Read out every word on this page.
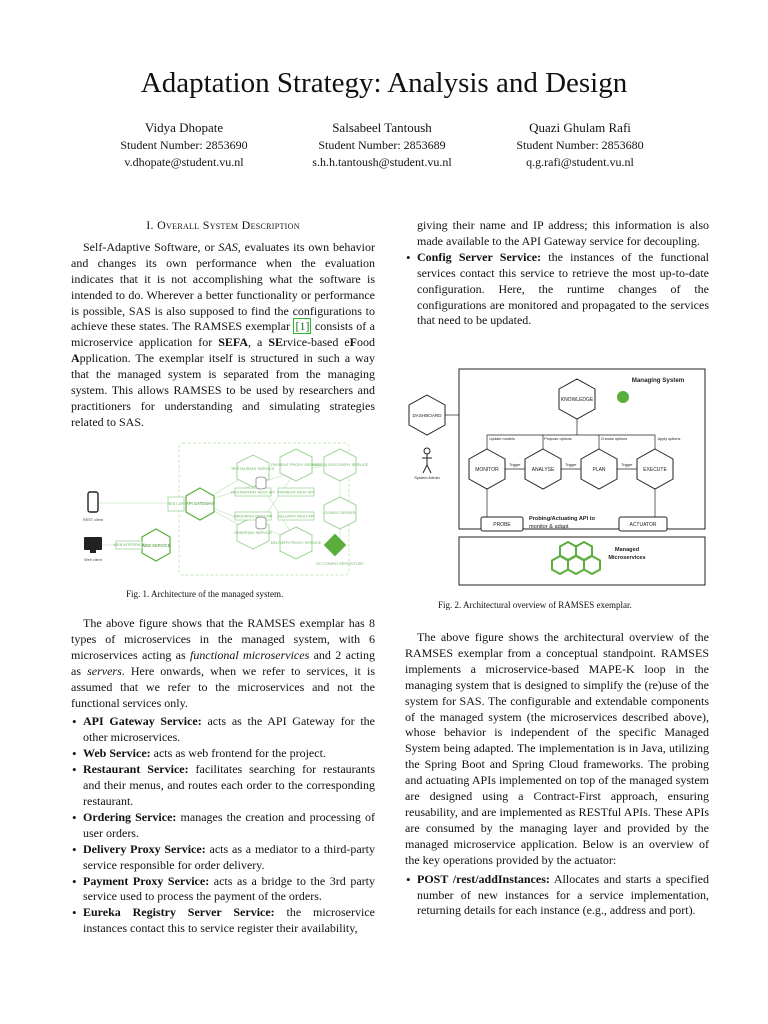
Adaptation Strategy: Analysis and Design
Vidya Dhopate
Student Number: 2853690
v.dhopate@student.vu.nl
Salsabeel Tantoush
Student Number: 2853689
s.h.h.tantoush@student.vu.nl
Quazi Ghulam Rafi
Student Number: 2853680
q.g.rafi@student.vu.nl
I. Overall System Description

Self-Adaptive Software, or SAS, evaluates its own behavior and changes its own performance when the evaluation indicates that it is not accomplishing what the software is intended to do. Wherever a better functionality or performance is possible, SAS is also supposed to find the configurations to achieve these states. The RAMSES exemplar [1] consists of a microservice application for SEFA, a SErvice-based eFood Application. The exemplar itself is structured in such a way that the managed system is separated from the managing system. This allows RAMSES to be used by researchers and practitioners for understanding and simulating strategies related to SAS.

RESTAURANT SERVICE
ORDERING SERVICE
PAYMENT PROXY SERVICE
DELIVERY PROXY SERVICE
EUREKA DISCOVERY SERVICE
CONFIG SERVER
RESTAURANT REST API
ORDERING REST API
PAYMENT REST API
DELIVERY REST API
REST API
WEB INTERFACE
GIT CONFIG REPOSITORY
API GATEWAY
WEB SERVICE
REST client
Web client
Fig. 1. Architecture of the managed system.

The above figure shows that the RAMSES exemplar has 8 types of microservices in the managed system, with 6 microservices acting as functional microservices and 2 acting as servers. Here onwards, when we refer to services, it is assumed that we refer to the microservices and not the functional services only.

• API Gateway Service: acts as the API Gateway for the other microservices.
• Web Service: acts as web frontend for the project.
• Restaurant Service: facilitates searching for restaurants and their menus, and routes each order to the corresponding restaurant.
• Ordering Service: manages the creation and processing of user orders.
• Delivery Proxy Service: acts as a mediator to a third-party service responsible for order delivery.
• Payment Proxy Service: acts as a bridge to the 3rd party service used to process the payment of the orders.
• Eureka Registry Server Service: the microservice instances contact this to service register their availability,
giving their name and IP address; this information is also made available to the API Gateway service for decoupling.
• Config Server Service: the instances of the functional services contact this service to retrieve the most up-to-date configuration. Here, the runtime changes of the configurations are monitored and propagated to the services that need to be updated.
Managing System
KNOWLEDGE
DASHBOARD
System Admin
MONITOR	ANALYSE	PLAN	EXECUTE
Update models	Propose options	Choose options	Apply options
Trigger	Trigger	Trigger
PROBE	ACTUATOR
Managed
Microservices
Probing/Actuating API to
monitor & adapt
Fig. 2. Architectural overview of RAMSES exemplar.

The above figure shows the architectural overview of the RAMSES exemplar from a conceptual standpoint. RAMSES implements a microservice-based MAPE-K loop in the managing system that is designed to simplify the (re)use of the system for SAS. The configurable and extendable components of the managed system (the microservices described above), whose behavior is independent of the specific Managed System being adapted. The implementation is in Java, utilizing the Spring Boot and Spring Cloud frameworks. The probing and actuating APIs implemented on top of the managed system are designed using a Contract-First approach, ensuring reusability, and are implemented as RESTful APIs. These APIs are consumed by the managing layer and provided by the managed microservice application. Below is an overview of the key operations provided by the actuator:

• POST /rest/addInstances: Allocates and starts a specified number of new instances for a service implementation, returning details for each instance (e.g., address and port).
